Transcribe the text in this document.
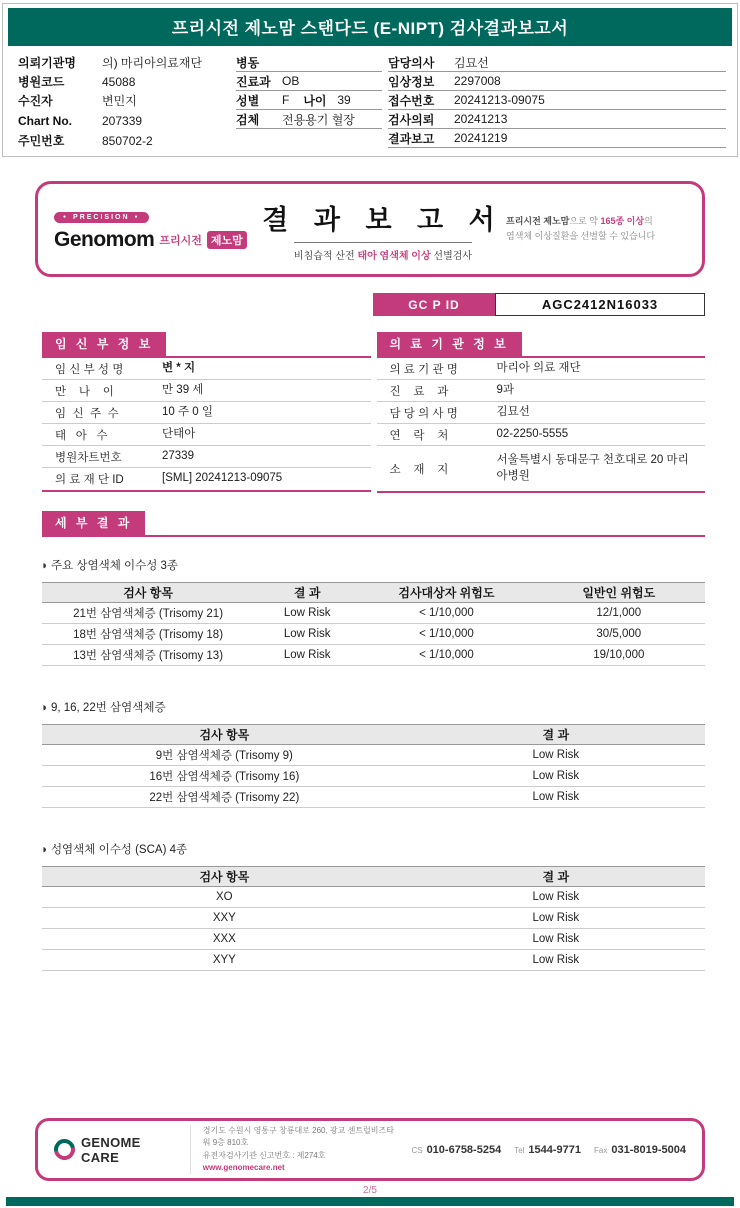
프리시전 제노맘 스탠다드 (E-NIPT) 검사결과보고서
의뢰기관명	의) 마리아의료재단
병원코드	45088
수진자	변민지
Chart No.	207339
주민번호	850702-2
병동
진료과 OB
성별	F 나이 39
검체	전용용기 혈장
담당의사	김묘선
임상정보	2297008
접수번호	20241213-09075
검사의뢰	20241213
결과보고	20241219
● PRECISION ●
Genomom 프리시전 제노맘
결 과 보 고 서
비침습적 산전 태아 염색체 이상 선별검사
프리시전 제노맘으로 약 165종 이상의
염색체 이상질환을 선별할 수 있습니다
GC P ID	AGC2412N16033
임 신 부 정 보
임 신 부 성 명	변 * 지
만    나    이	만 39 세
임  신  주  수	10 주 0 일
태   아   수	단태아
병원차트번호	27339
의 료 재 단 ID	[SML] 20241213-09075
의 료 기 관 정 보
의 료 기 관 명	마리아 의료 재단
진    료    과	9과
담 당 의 사 명	김묘선
연    락    처	02-2250-5555
소    재    지
서울특별시 동대문구 천호대로 20 마리아병원
세 부 결 과
◑ 주요 상염색체 이수성 3종
검사 항목	결 과	검사대상자 위험도	일반인 위험도
21번 삼염색체증 (Trisomy 21)	Low Risk	< 1/10,000	12/1,000
18번 삼염색체증 (Trisomy 18)	Low Risk	< 1/10,000	30/5,000
13번 삼염색체증 (Trisomy 13)	Low Risk	< 1/10,000	19/10,000
◑ 9, 16, 22번 삼염색체증
검사 항목	결 과
9번 삼염색체증 (Trisomy 9)	Low Risk
16번 삼염색체증 (Trisomy 16)	Low Risk
22번 삼염색체증 (Trisomy 22)	Low Risk
◑ 성염색체 이수성 (SCA) 4종
검사 항목	결 과
XO	Low Risk
XXY	Low Risk
XXX	Low Risk
XYY	Low Risk
GENOME CARE
경기도 수원시 영통구 창룡대로 260, 광교 센트럴비즈타워 9층 810호
유전자검사기관 신고번호 : 제274호
www.genomecare.net
CS 010-6758-5254 Tel 1544-9771 Fax 031-8019-5004
2/5
